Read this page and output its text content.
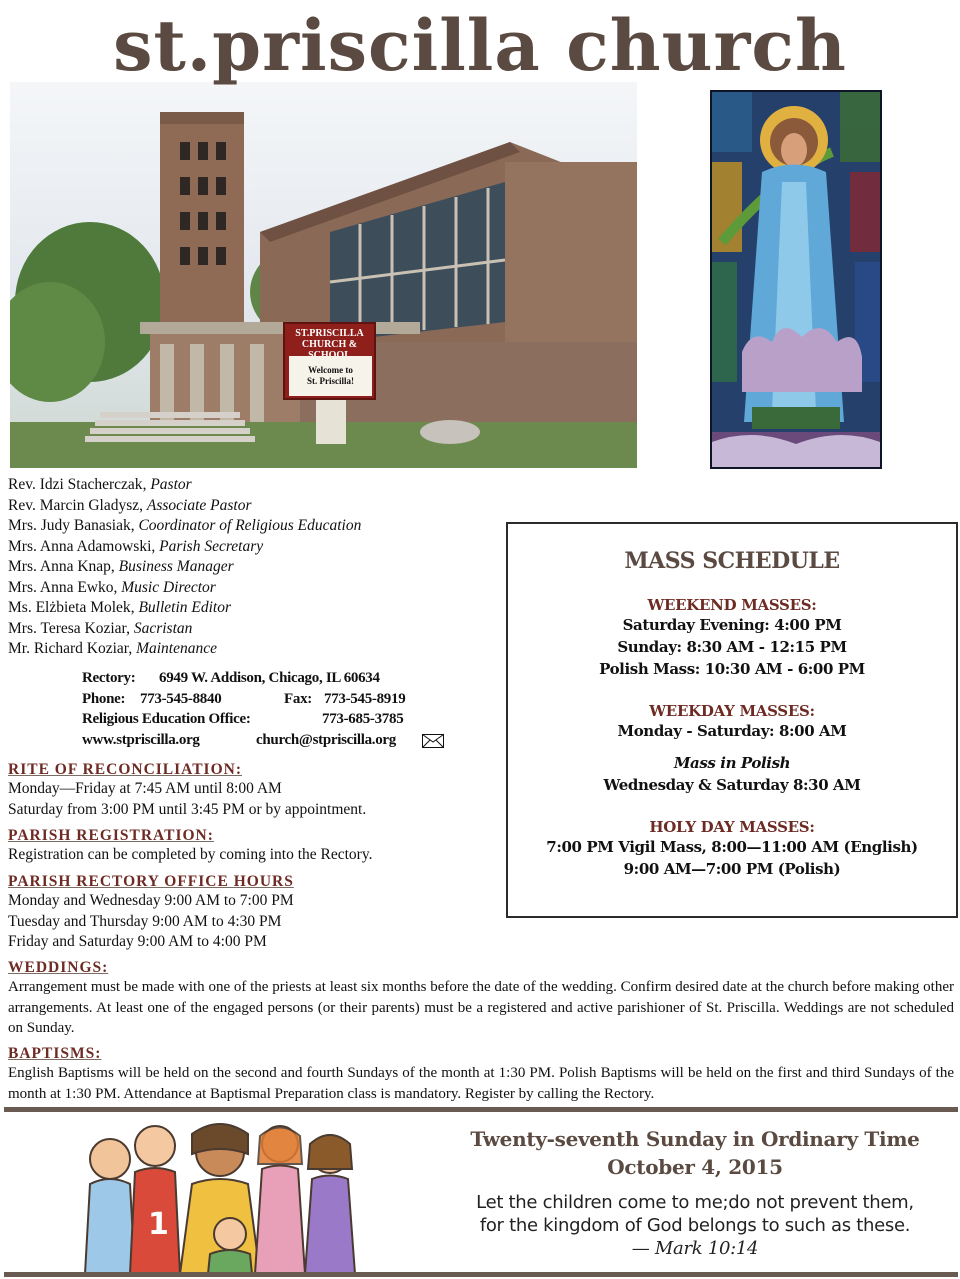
st.priscilla church
ST.PRISCILLA
CHURCH &
Welcome to
St. Priscilla!
Rev. Idzi Stacherczak, Pastor
Rev. Marcin Gladysz, Associate Pastor
Mrs. Judy Banasiak, Coordinator of Religious Education
Mrs. Anna Adamowski, Parish Secretary
Mrs. Anna Knap, Business Manager
Mrs. Anna Ewko, Music Director
Ms. Elżbieta Molek, Bulletin Editor
Mrs. Teresa Koziar, Sacristan
Mr. Richard Koziar, Maintenance
Rectory: 6949 W. Addison, Chicago, IL 60634
Phone: 773-545-8840	Fax: 773-545-8919
Religious Education Office:	773-685-3785
www.stpriscilla.org	church@stpriscilla.org
RITE OF RECONCILIATION:

Monday—Friday at 7:45 AM until 8:00 AM

Saturday from 3:00 PM until 3:45 PM or by appointment.

PARISH REGISTRATION:

Registration can be completed by coming into the Rectory.

PARISH RECTORY OFFICE HOURS

Monday and Wednesday 9:00 AM to 7:00 PM

Tuesday and Thursday 9:00 AM to 4:30 PM

Friday and Saturday 9:00 AM to 4:00 PM

WEDDINGS:

Arrangement must be made with one of the priests at least six months before the date of the wedding. Confirm desired date at the church before making other arrangements. At least one of the engaged persons (or their parents) must be a registered and active parishioner of St. Priscilla. Weddings are not scheduled on Sunday.

BAPTISMS:

English Baptisms will be held on the second and fourth Sundays of the month at 1:30 PM. Polish Baptisms will be held on the first and third Sundays of the month at 1:30 PM. Attendance at Baptismal Preparation class is mandatory. Register by calling the Rectory.

MASS SCHEDULE
WEEKEND MASSES:
Saturday Evening: 4:00 PM
Sunday: 8:30 AM - 12:15 PM
Polish Mass: 10:30 AM - 6:00 PM
WEEKDAY MASSES:
Monday - Saturday: 8:00 AM
Mass in Polish
Wednesday & Saturday 8:30 AM
HOLY DAY MASSES:
7:00 PM Vigil Mass, 8:00—11:00 AM (English)
9:00 AM—7:00 PM (Polish)
1
Twenty-seventh Sunday in Ordinary Time
October 4, 2015
Let the children come to me;do not prevent them,
for the kingdom of God belongs to such as these.
— Mark 10:14
